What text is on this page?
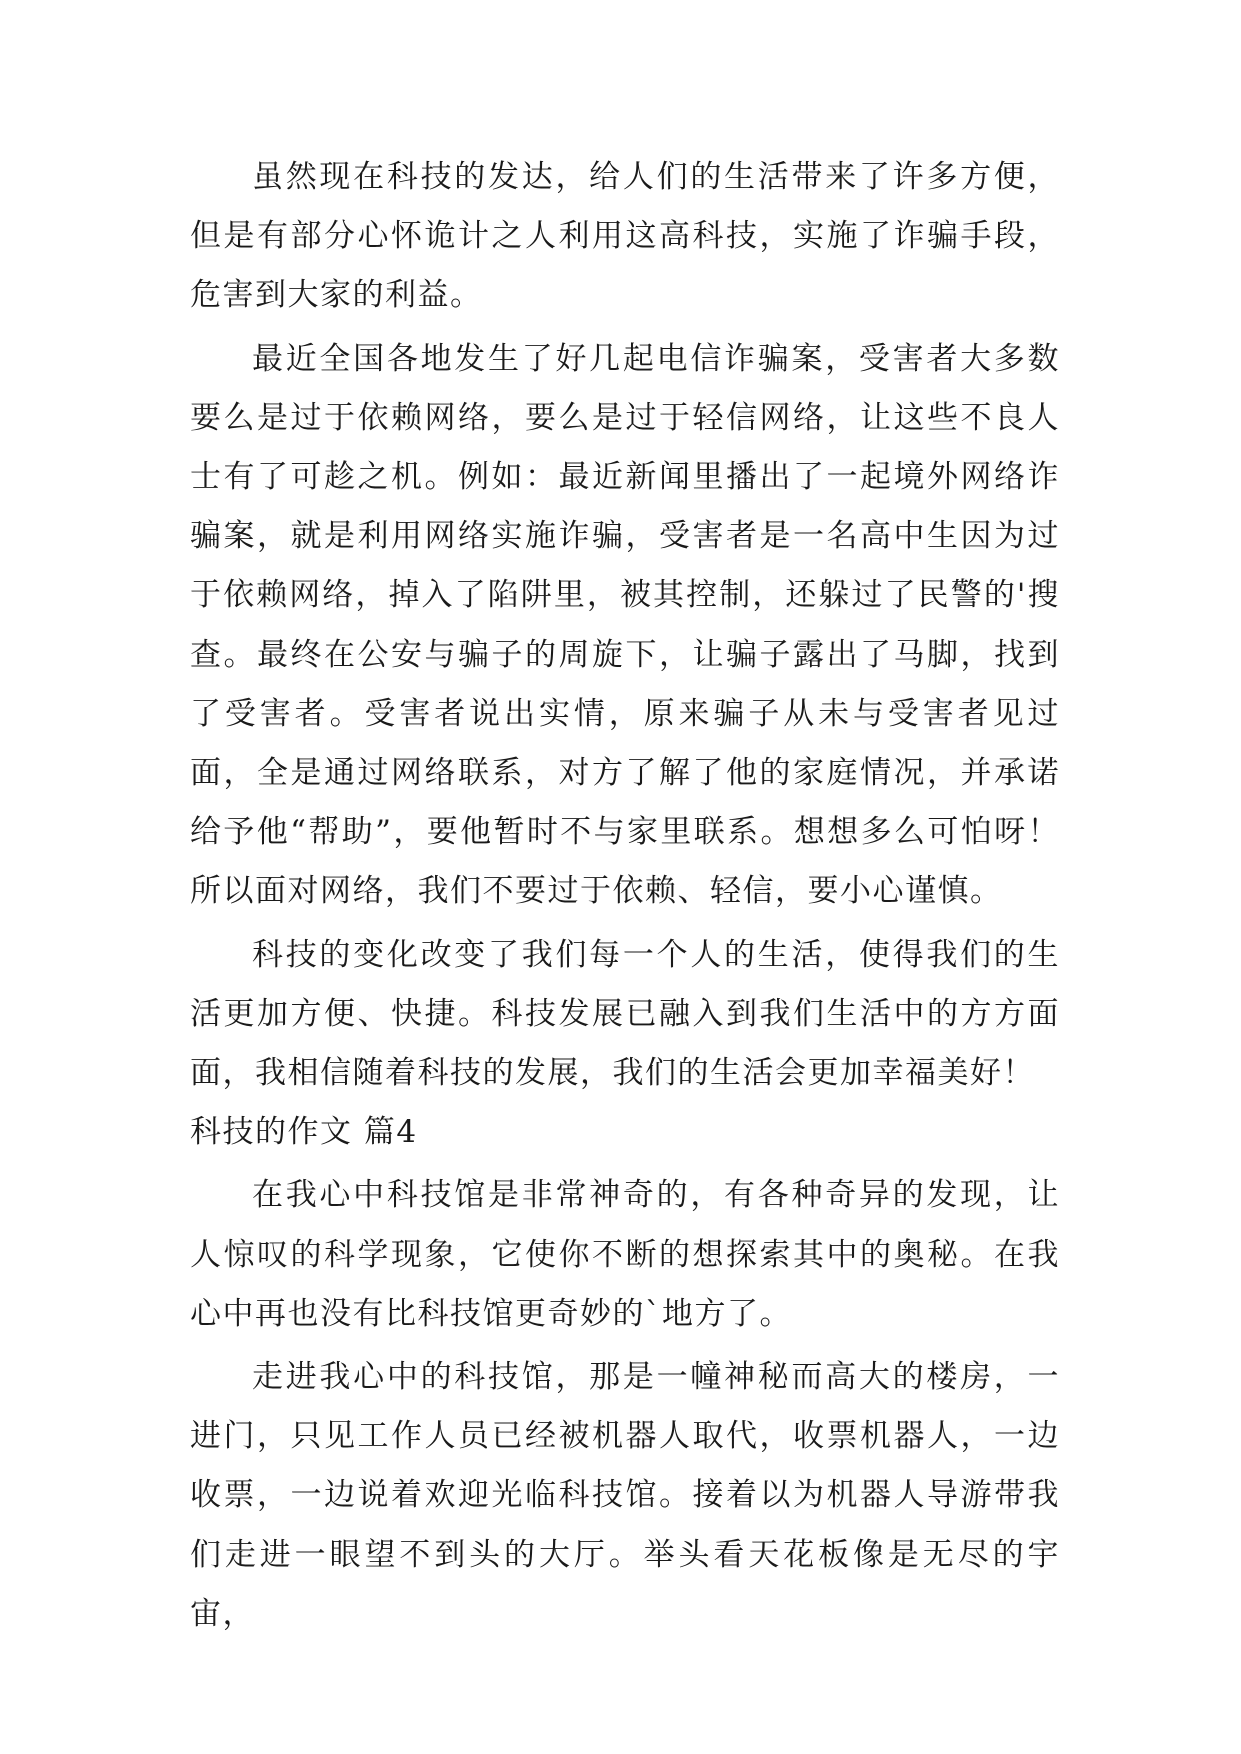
虽然现在科技的发达，给人们的生活带来了许多方便，但是有部分心怀诡计之人利用这高科技，实施了诈骗手段，危害到大家的利益。

最近全国各地发生了好几起电信诈骗案，受害者大多数要么是过于依赖网络，要么是过于轻信网络，让这些不良人士有了可趁之机。例如：最近新闻里播出了一起境外网络诈骗案，就是利用网络实施诈骗，受害者是一名高中生因为过于依赖网络，掉入了陷阱里，被其控制，还躲过了民警的'搜查。最终在公安与骗子的周旋下，让骗子露出了马脚，找到了受害者。受害者说出实情，原来骗子从未与受害者见过面，全是通过网络联系，对方了解了他的家庭情况，并承诺给予他“帮助”，要他暂时不与家里联系。想想多么可怕呀！所以面对网络，我们不要过于依赖、轻信，要小心谨慎。

科技的变化改变了我们每一个人的生活，使得我们的生活更加方便、快捷。科技发展已融入到我们生活中的方方面面，我相信随着科技的发展，我们的生活会更加幸福美好！

科技的作文 篇4

在我心中科技馆是非常神奇的，有各种奇异的发现，让人惊叹的科学现象，它使你不断的想探索其中的奥秘。在我心中再也没有比科技馆更奇妙的`地方了。

走进我心中的科技馆，那是一幢神秘而高大的楼房，一进门，只见工作人员已经被机器人取代，收票机器人，一边收票，一边说着欢迎光临科技馆。接着以为机器人导游带我们走进一眼望不到头的大厅。举头看天花板像是无尽的宇宙，
